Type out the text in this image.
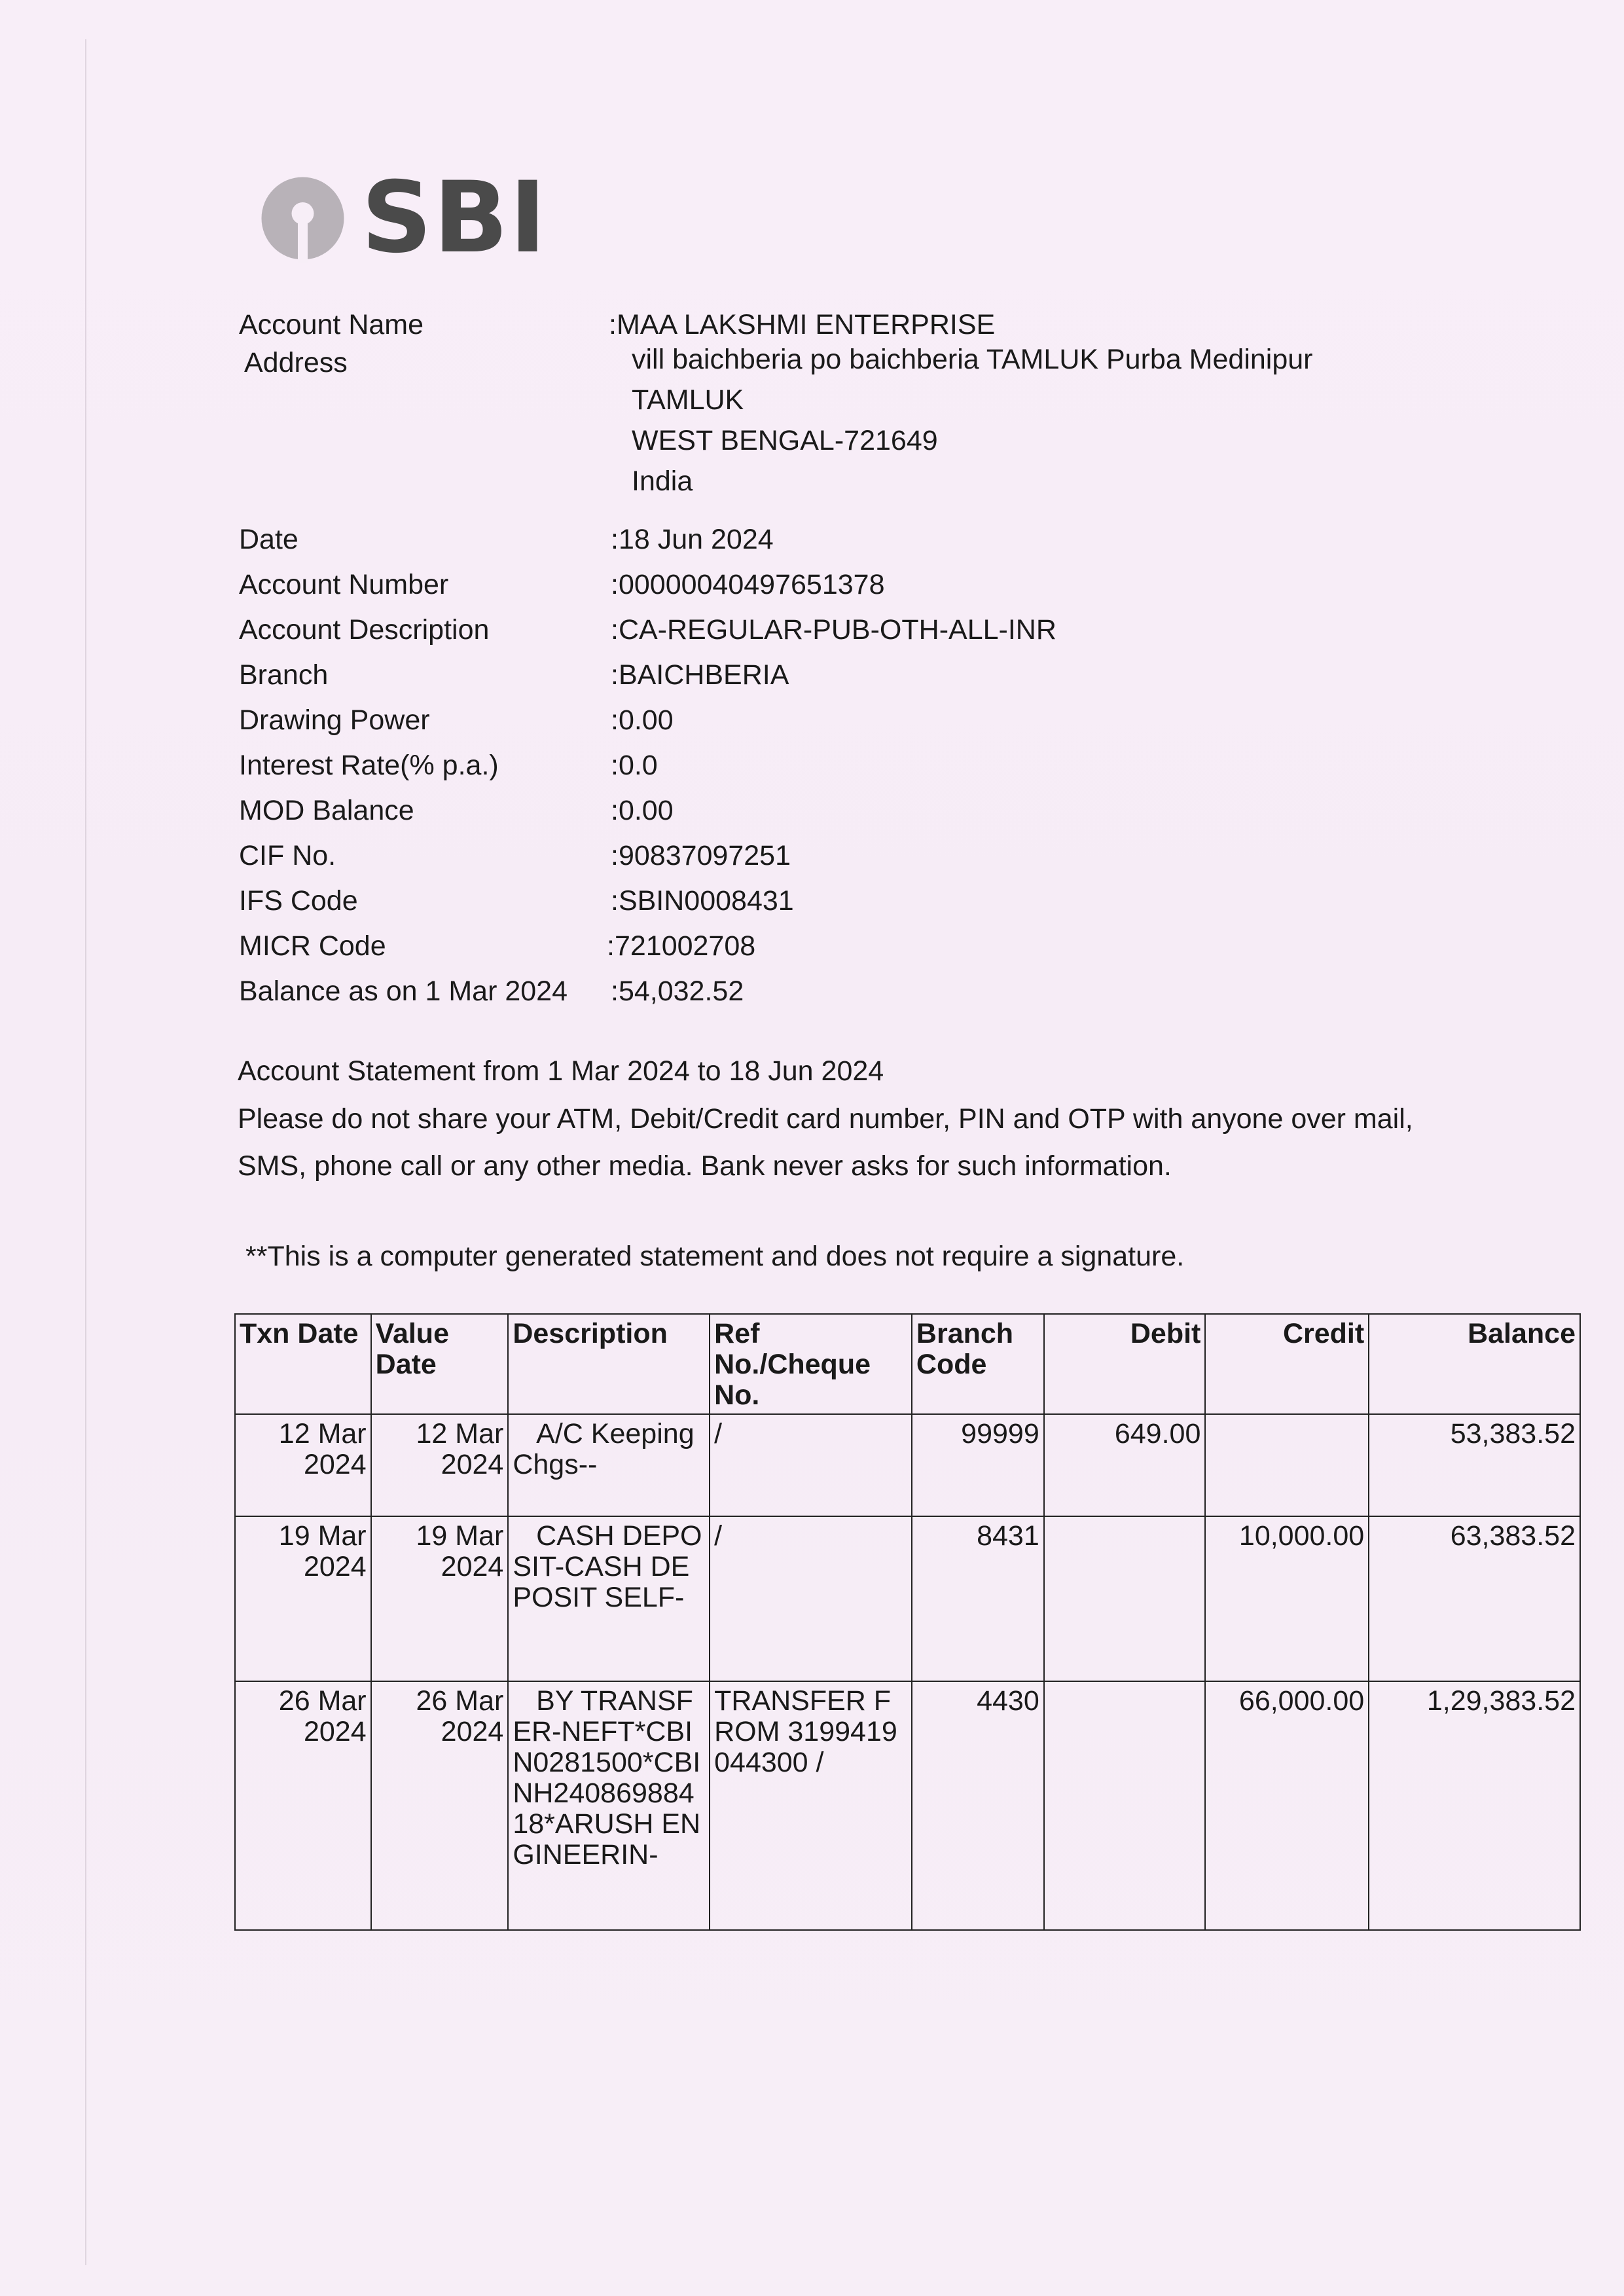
SBI
Account Name	:MAA LAKSHMI ENTERPRISE
Address	vill baichberia po baichberia TAMLUK Purba Medinipur
TAMLUK
WEST BENGAL-721649
India
Date	:18 Jun 2024
Account Number	:00000040497651378
Account Description	:CA-REGULAR-PUB-OTH-ALL-INR
Branch	:BAICHBERIA
Drawing Power	:0.00
Interest Rate(% p.a.)	:0.0
MOD Balance	:0.00
CIF No.	:90837097251
IFS Code	:SBIN0008431
MICR Code	:721002708
Balance as on 1 Mar 2024 :54,032.52
Account Statement from 1 Mar 2024 to 18 Jun 2024
Please do not share your ATM, Debit/Credit card number, PIN and OTP with anyone over mail,
SMS, phone call or any other media. Bank never asks for such information.
**This is a computer generated statement and does not require a signature.
Txn Date	Value Date	Description	Ref No./Cheque No.	Branch Code	Debit	Credit	Balance
12 Mar 2024	12 Mar 2024	A/C Keeping Chgs--	/	99999	649.00		53,383.52
19 Mar 2024	19 Mar 2024	CASH DEPOSIT-CASH DEPOSIT SELF-	/	8431		10,000.00	63,383.52
26 Mar 2024	26 Mar 2024	BY TRANSFER-NEFT*CBIN0281500*CBINH24086988418*ARUSH ENGINEERIN-	TRANSFER FROM 3199419044300 /	4430		66,000.00	1,29,383.52
